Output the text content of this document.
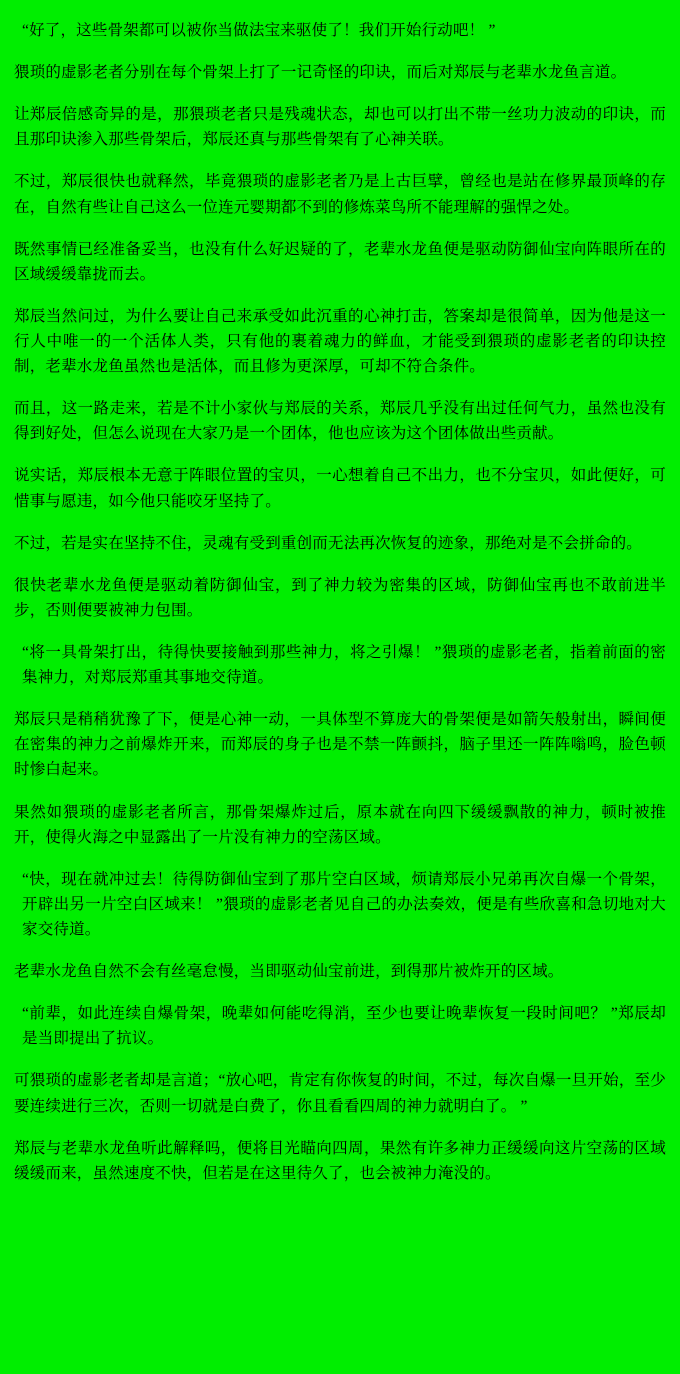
“好了，这些骨架都可以被你当做法宝来驱使了！我们开始行动吧！ ”

猥琐的虚影老者分别在每个骨架上打了一记奇怪的印诀，而后对郑辰与老辈水龙鱼言道。

让郑辰倍感奇异的是，那猥琐老者只是残魂状态，却也可以打出不带一丝功力波动的印诀，而且那印诀渗入那些骨架后，郑辰还真与那些骨架有了心神关联。

不过，郑辰很快也就释然，毕竟猥琐的虚影老者乃是上古巨擘，曾经也是站在修界最顶峰的存在，自然有些让自己这么一位连元婴期都不到的修炼菜鸟所不能理解的强悍之处。

既然事情已经准备妥当，也没有什么好迟疑的了，老辈水龙鱼便是驱动防御仙宝向阵眼所在的区域缓缓靠拢而去。

郑辰当然问过，为什么要让自己来承受如此沉重的心神打击，答案却是很简单，因为他是这一行人中唯一的一个活体人类，只有他的裹着魂力的鲜血，才能受到猥琐的虚影老者的印诀控制，老辈水龙鱼虽然也是活体，而且修为更深厚，可却不符合条件。

而且，这一路走来，若是不计小家伙与郑辰的关系，郑辰几乎没有出过任何气力，虽然也没有得到好处，但怎么说现在大家乃是一个团体，他也应该为这个团体做出些贡献。

说实话，郑辰根本无意于阵眼位置的宝贝，一心想着自己不出力，也不分宝贝，如此便好，可惜事与愿违，如今他只能咬牙坚持了。

不过，若是实在坚持不住，灵魂有受到重创而无法再次恢复的迹象，那绝对是不会拼命的。

很快老辈水龙鱼便是驱动着防御仙宝，到了神力较为密集的区域，防御仙宝再也不敢前进半步，否则便要被神力包围。

“将一具骨架打出，待得快要接触到那些神力，将之引爆！ ”猥琐的虚影老者，指着前面的密集神力，对郑辰郑重其事地交待道。

郑辰只是稍稍犹豫了下，便是心神一动，一具体型不算庞大的骨架便是如箭矢般射出，瞬间便在密集的神力之前爆炸开来，而郑辰的身子也是不禁一阵颤抖，脑子里还一阵阵嗡鸣，脸色顿时惨白起来。

果然如猥琐的虚影老者所言，那骨架爆炸过后，原本就在向四下缓缓飘散的神力，顿时被推开，使得火海之中显露出了一片没有神力的空荡区域。

“快，现在就冲过去！待得防御仙宝到了那片空白区域，烦请郑辰小兄弟再次自爆一个骨架，开辟出另一片空白区域来！ ”猥琐的虚影老者见自己的办法奏效，便是有些欣喜和急切地对大家交待道。

老辈水龙鱼自然不会有丝毫怠慢，当即驱动仙宝前进，到得那片被炸开的区域。

“前辈，如此连续自爆骨架，晚辈如何能吃得消，至少也要让晚辈恢复一段时间吧？ ”郑辰却是当即提出了抗议。

可猥琐的虚影老者却是言道；“放心吧，肯定有你恢复的时间，不过，每次自爆一旦开始，至少要连续进行三次，否则一切就是白费了，你且看看四周的神力就明白了。 ”

郑辰与老辈水龙鱼听此解释吗，便将目光瞄向四周，果然有许多神力正缓缓向这片空荡的区域缓缓而来，虽然速度不快，但若是在这里待久了，也会被神力淹没的。
